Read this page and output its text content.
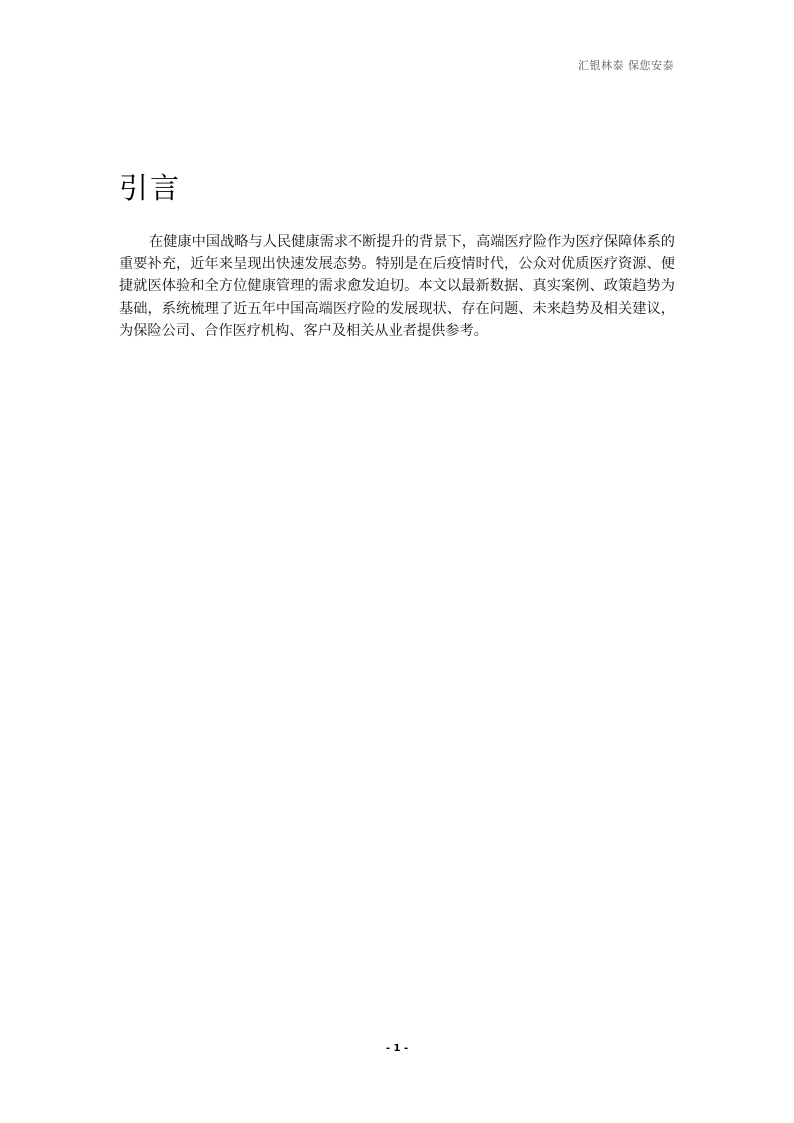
汇银林泰 保您安泰
引言

在健康中国战略与人民健康需求不断提升的背景下，高端医疗险作为医疗保障体系的重要补充，近年来呈现出快速发展态势。特别是在后疫情时代，公众对优质医疗资源、便捷就医体验和全方位健康管理的需求愈发迫切。本文以最新数据、真实案例、政策趋势为基础，系统梳理了近五年中国高端医疗险的发展现状、存在问题、未来趋势及相关建议，为保险公司、合作医疗机构、客户及相关从业者提供参考。

- 1 -
